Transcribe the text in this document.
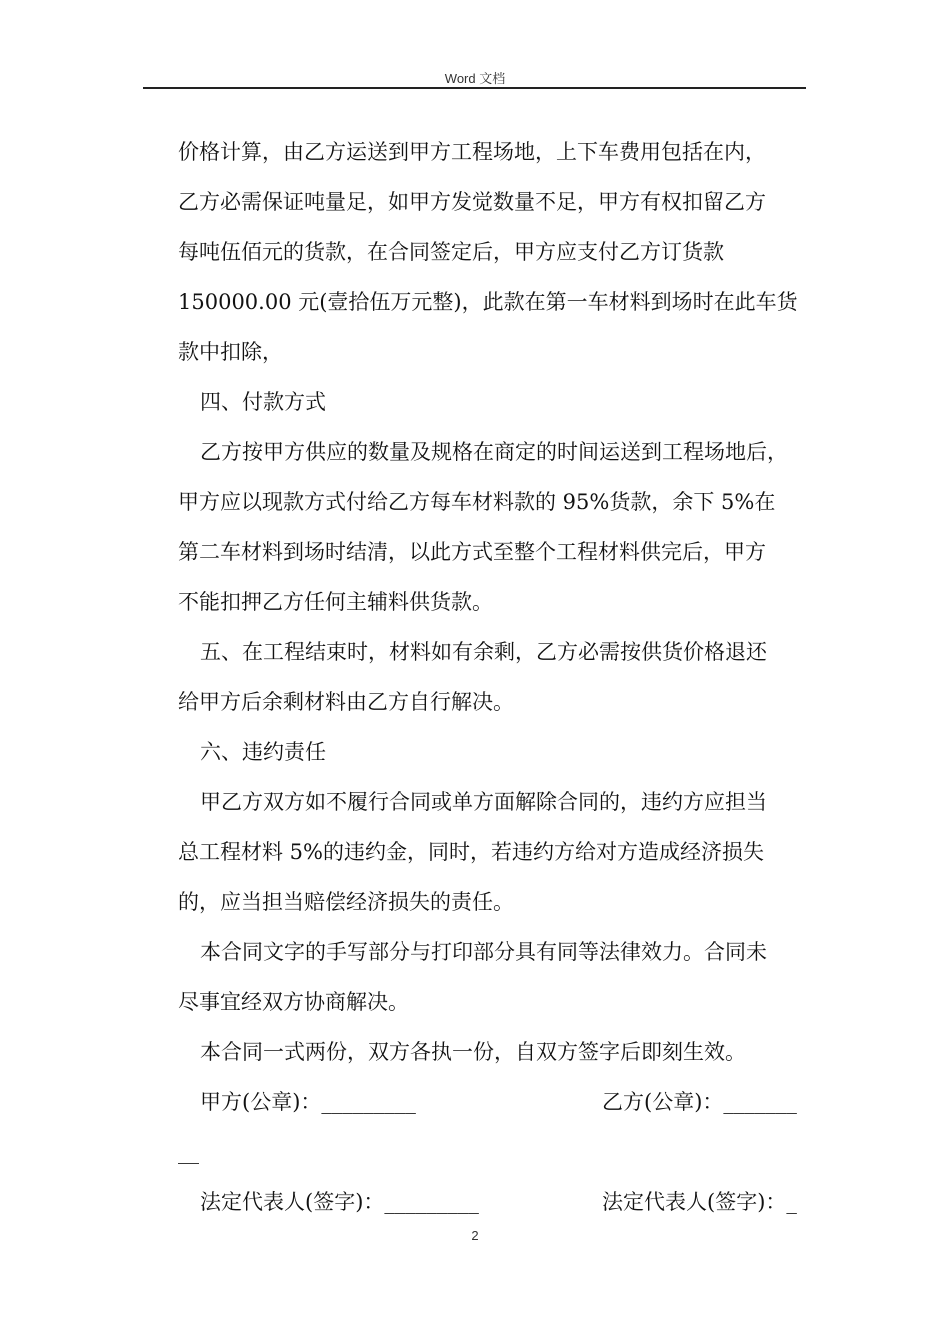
Word 文档
价格计算，由乙方运送到甲方工程场地，上下车费用包括在内，
乙方必需保证吨量足，如甲方发觉数量不足，甲方有权扣留乙方
每吨伍佰元的货款，在合同签定后，甲方应支付乙方订货款
150000.00 元(壹拾伍万元整)，此款在第一车材料到场时在此车货
款中扣除，
四、付款方式
乙方按甲方供应的数量及规格在商定的时间运送到工程场地后，
甲方应以现款方式付给乙方每车材料款的 95%货款，余下 5%在
第二车材料到场时结清，以此方式至整个工程材料供完后，甲方
不能扣押乙方任何主辅料供货款。
五、在工程结束时，材料如有余剩，乙方必需按供货价格退还
给甲方后余剩材料由乙方自行解决。
六、违约责任
甲乙方双方如不履行合同或单方面解除合同的，违约方应担当
总工程材料 5%的违约金，同时，若违约方给对方造成经济损失
的，应当担当赔偿经济损失的责任。
本合同文字的手写部分与打印部分具有同等法律效力。合同未
尽事宜经双方协商解决。
本合同一式两份，双方各执一份，自双方签字后即刻生效。
甲方(公章)：_________	乙方(公章)：_______
__
法定代表人(签字)：_________	法定代表人(签字)：_
2
